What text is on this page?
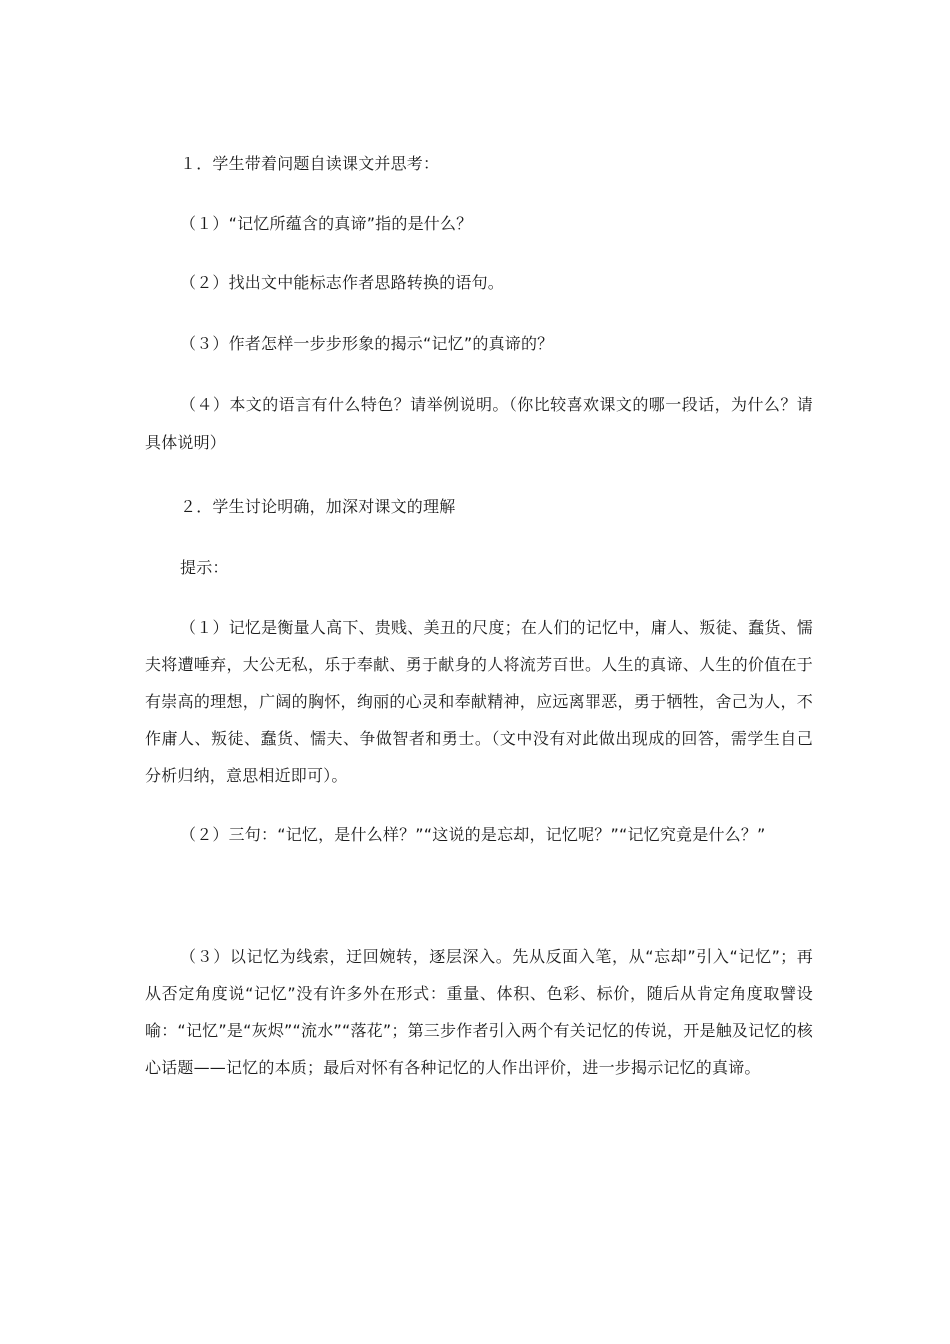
１．学生带着问题自读课文并思考：
（１）“记忆所蕴含的真谛”指的是什么？
（２）找出文中能标志作者思路转换的语句。
（３）作者怎样一步步形象的揭示“记忆”的真谛的？
（４）本文的语言有什么特色？请举例说明。（你比较喜欢课文的哪一段话，为什么？请具体说明）
２．学生讨论明确，加深对课文的理解
提示：
（１）记忆是衡量人高下、贵贱、美丑的尺度；在人们的记忆中，庸人、叛徒、蠢货、懦夫将遭唾弃，大公无私，乐于奉献、勇于献身的人将流芳百世。人生的真谛、人生的价值在于有崇高的理想，广阔的胸怀，绚丽的心灵和奉献精神，应远离罪恶，勇于牺牲，舍己为人，不作庸人、叛徒、蠢货、懦夫、争做智者和勇士。（文中没有对此做出现成的回答，需学生自己分析归纳，意思相近即可）。
（２）三句：“记忆，是什么样？”“这说的是忘却，记忆呢？”“记忆究竟是什么？”
（３）以记忆为线索，迂回婉转，逐层深入。先从反面入笔，从“忘却”引入“记忆”；再从否定角度说“记忆”没有许多外在形式：重量、体积、色彩、标价，随后从肯定角度取譬设喻：“记忆”是“灰烬”“流水”“落花”；第三步作者引入两个有关记忆的传说，开是触及记忆的核心话题——记忆的本质；最后对怀有各种记忆的人作出评价，进一步揭示记忆的真谛。
